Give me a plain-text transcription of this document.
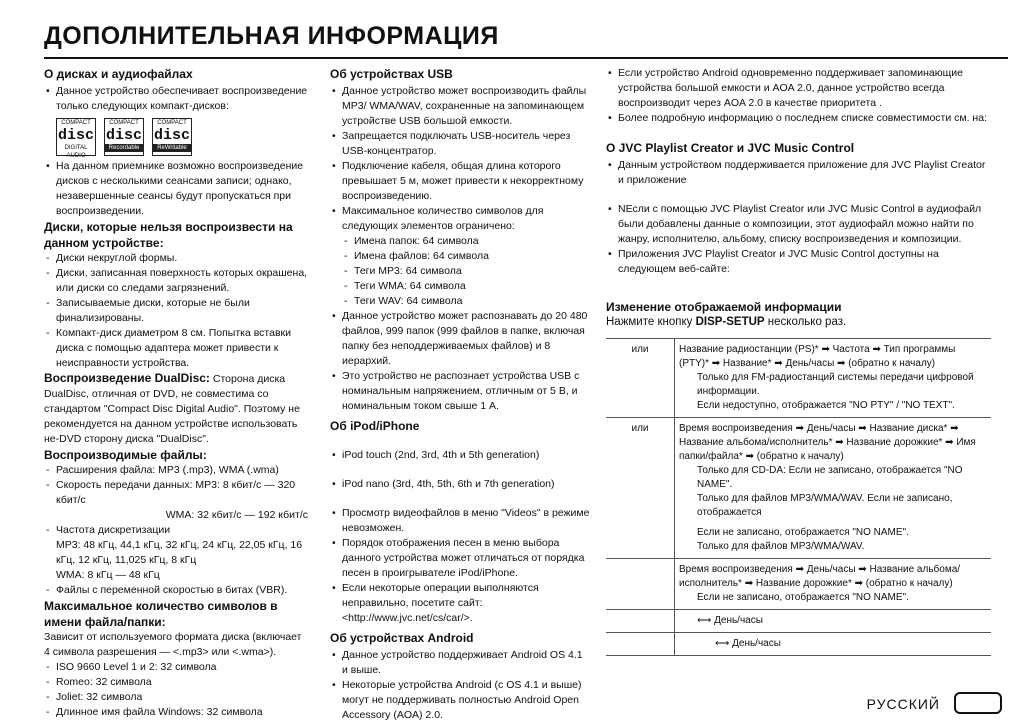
ДОПОЛНИТЕЛЬНАЯ ИНФОРМАЦИЯ
О дисках и аудиофайлах
• Данное устройство обеспечивает воспроизведение только следующих компакт-дисков:
COMPACT
disc
DIGITAL AUDIO
COMPACT
disc
Recordable
COMPACT
disc
ReWritable
• На данном приемнике возможно воспроизведение дисков с несколькими сеансами записи; однако, незавершенные сеансы будут пропускаться при воспроизведении.
Диски, которые нельзя воспроизвести на данном устройстве:
- Диски некруглой формы.
- Диски, записанная поверхность которых окрашена, или диски со следами загрязнений.
- Записываемые диски, которые не были финализированы.
- Компакт-диск диаметром 8 см. Попытка вставки диска с помощью адаптера может привести к неисправности устройства.
Воспроизведение DualDisc: Сторона диска DualDisc, отличная от DVD, не совместима со стандартом "Compact Disc Digital Audio". Поэтому не рекомендуется на данном устройстве использовать не-DVD сторону диска "DualDisc".
Воспроизводимые файлы:
- Расширения файла: MP3 (.mp3), WMA (.wma)
- Скорость передачи данных: MP3: 8 кбит/с — 320 кбит/с
WMA: 32 кбит/с — 192 кбит/с
- Частота дискретизации
MP3: 48 кГц, 44,1 кГц, 32 кГц, 24 кГц, 22,05 кГц, 16 кГц, 12 кГц, 11,025 кГц, 8 кГц
WMA: 8 кГц — 48 кГц
- Файлы с переменной скоростью в битах (VBR).
Максимальное количество символов в имени файла/папки:
Зависит от используемого формата диска (включает 4 символа разрешения — <.mp3> или <.wma>).
- ISO 9660 Level 1 и 2: 32 символа
- Romeo: 32 символа
- Joliet: 32 символа
- Длинное имя файла Windows: 32 символа
Об устройствах USB
• Данное устройство может воспроизводить файлы MP3/ WMA/WAV, сохраненные на запоминающем устройстве USB большой емкости.
• Запрещается подключать USB-носитель через USB-концентратор.
• Подключение кабеля, общая длина которого превышает 5 м, может привести к некорректному воспроизведению.
• Максимальное количество символов для следующих элементов ограничено:
- Имена папок: 64 символа
- Имена файлов: 64 символа
- Теги MP3: 64 символа
- Теги WMA: 64 символа
- Теги WAV: 64 символа
• Данное устройство может распознавать до 20 480 файлов, 999 папок (999 файлов в папке, включая папку без неподдерживаемых файлов) и 8 иерархий.
• Это устройство не распознает устройства USB с номинальным напряжением, отличным от 5 В, и номинальным током свыше 1 А.
Об iPod/iPhone
• iPod touch (2nd, 3rd, 4th и 5th generation)
• iPod nano (3rd, 4th, 5th, 6th и 7th generation)
• Просмотр видеофайлов в меню "Videos" в режиме невозможен.
• Порядок отображения песен в меню выбора данного устройства может отличаться от порядка песен в проигрывателе iPod/iPhone.
• Если некоторые операции выполняются неправильно, посетите сайт: <http://www.jvc.net/cs/car/>.
Об устройствах Android
• Данное устройство поддерживает Android OS 4.1 и выше.
• Некоторые устройства Android (с OS 4.1 и выше) могут не поддерживать полностью Android Open Accessory (AOA) 2.0.
• Если устройство Android одновременно поддерживает запоминающие устройства большой емкости и AOA 2.0, данное устройство всегда воспроизводит через AOA 2.0 в качестве приоритета .
• Более подробную информацию о последнем списке совместимости см. на:
О JVC Playlist Creator и JVC Music Control
• Данным устройством поддерживается приложение для JVC Playlist Creator и приложение
• NЕсли с помощью JVC Playlist Creator или JVC Music Control в аудиофайл были добавлены данные о композиции, этот аудиофайл можно найти по жанру, исполнителю, альбому, списку воспроизведения и композиции.
• Приложения JVC Playlist Creator и JVC Music Control доступны на следующем веб-сайте:
Изменение отображаемой информации
Нажмите кнопку DISP-SETUP несколько раз.
или	Название радиостанции (PS)* ➡ Частота ➡ Тип программы (PTY)* ➡ Название* ➡ День/часы ➡ (обратно к началу)
Только для FM-радиостанций системы передачи цифровой информации.
Если недоступно, отображается "NO PTY" / "NO TEXT".

или	Время воспроизведения ➡ День/часы ➡ Название диска* ➡ Название альбома/исполнитель* ➡ Название дорожкие* ➡ Имя папки/файла* ➡ (обратно к началу)
Только для CD-DA: Если не записано, отображается "NO NAME".
Только для файлов MP3/WMA/WAV. Если не записано, отображается
Если не записано, отображается "NO NAME".
Только для файлов MP3/WMA/WAV.

	Время воспроизведения ➡ День/часы ➡ Название альбома/ исполнитель* ➡ Название дорожкие* ➡ (обратно к началу)
Если не записано, отображается "NO NAME".

	⟷ День/часы

	⟷ День/часы
РУССКИЙ
